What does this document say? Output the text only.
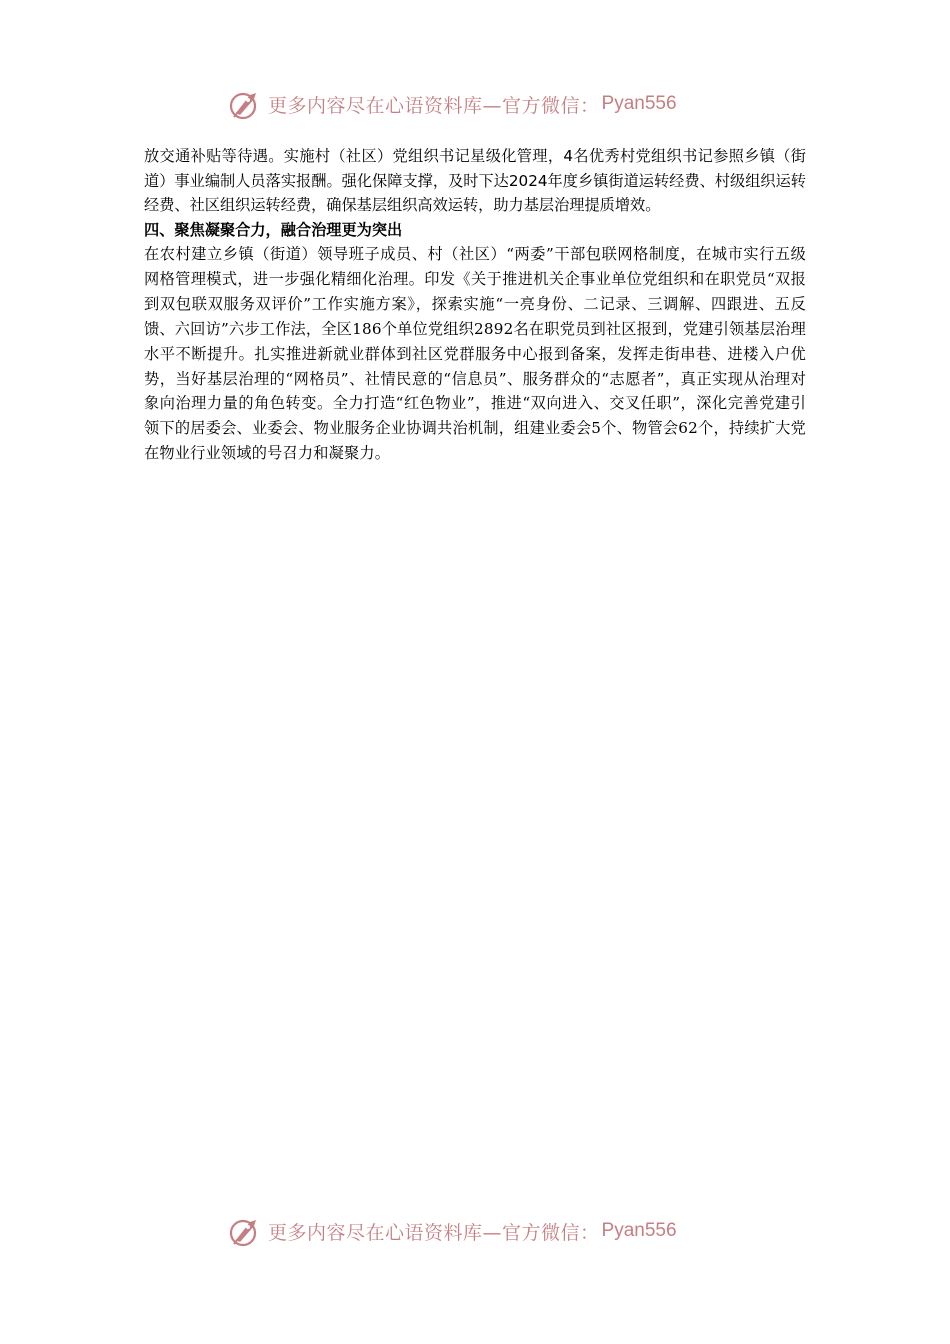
更多内容尽在心语资料库—官方微信： Pyan556

放交通补贴等待遇。实施村（社区）党组织书记星级化管理，4名优秀村党组织书记参照乡镇（街道）事业编制人员落实报酬。强化保障支撑，及时下达2024年度乡镇街道运转经费、村级组织运转经费、社区组织运转经费，确保基层组织高效运转，助力基层治理提质增效。

四、聚焦凝聚合力，融合治理更为突出

在农村建立乡镇（街道）领导班子成员、村（社区）“两委”干部包联网格制度，在城市实行五级网格管理模式，进一步强化精细化治理。印发《关于推进机关企事业单位党组织和在职党员“双报到双包联双服务双评价”工作实施方案》，探索实施“一亮身份、二记录、三调解、四跟进、五反馈、六回访”六步工作法，全区186个单位党组织2892名在职党员到社区报到，党建引领基层治理水平不断提升。扎实推进新就业群体到社区党群服务中心报到备案，发挥走街串巷、进楼入户优势，当好基层治理的“网格员”、社情民意的“信息员”、服务群众的“志愿者”，真正实现从治理对象向治理力量的角色转变。全力打造“红色物业”，推进“双向进入、交叉任职”，深化完善党建引领下的居委会、业委会、物业服务企业协调共治机制，组建业委会5个、物管会62个，持续扩大党在物业行业领域的号召力和凝聚力。

更多内容尽在心语资料库—官方微信： Pyan556
